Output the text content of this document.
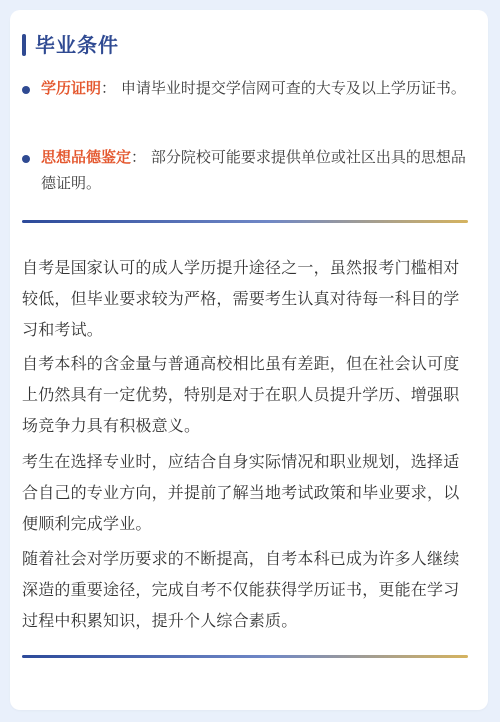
毕业条件
学历证明： 申请毕业时提交学信网可查的大专及以上学历证书。
思想品德鉴定： 部分院校可能要求提供单位或社区出具的思想品德证明。

自考是国家认可的成人学历提升途径之一，虽然报考门槛相对较低，但毕业要求较为严格，需要考生认真对待每一科目的学习和考试。

自考本科的含金量与普通高校相比虽有差距，但在社会认可度上仍然具有一定优势，特别是对于在职人员提升学历、增强职场竞争力具有积极意义。

考生在选择专业时，应结合自身实际情况和职业规划，选择适合自己的专业方向，并提前了解当地考试政策和毕业要求，以便顺利完成学业。

随着社会对学历要求的不断提高，自考本科已成为许多人继续深造的重要途径，完成自考不仅能获得学历证书，更能在学习过程中积累知识，提升个人综合素质。
